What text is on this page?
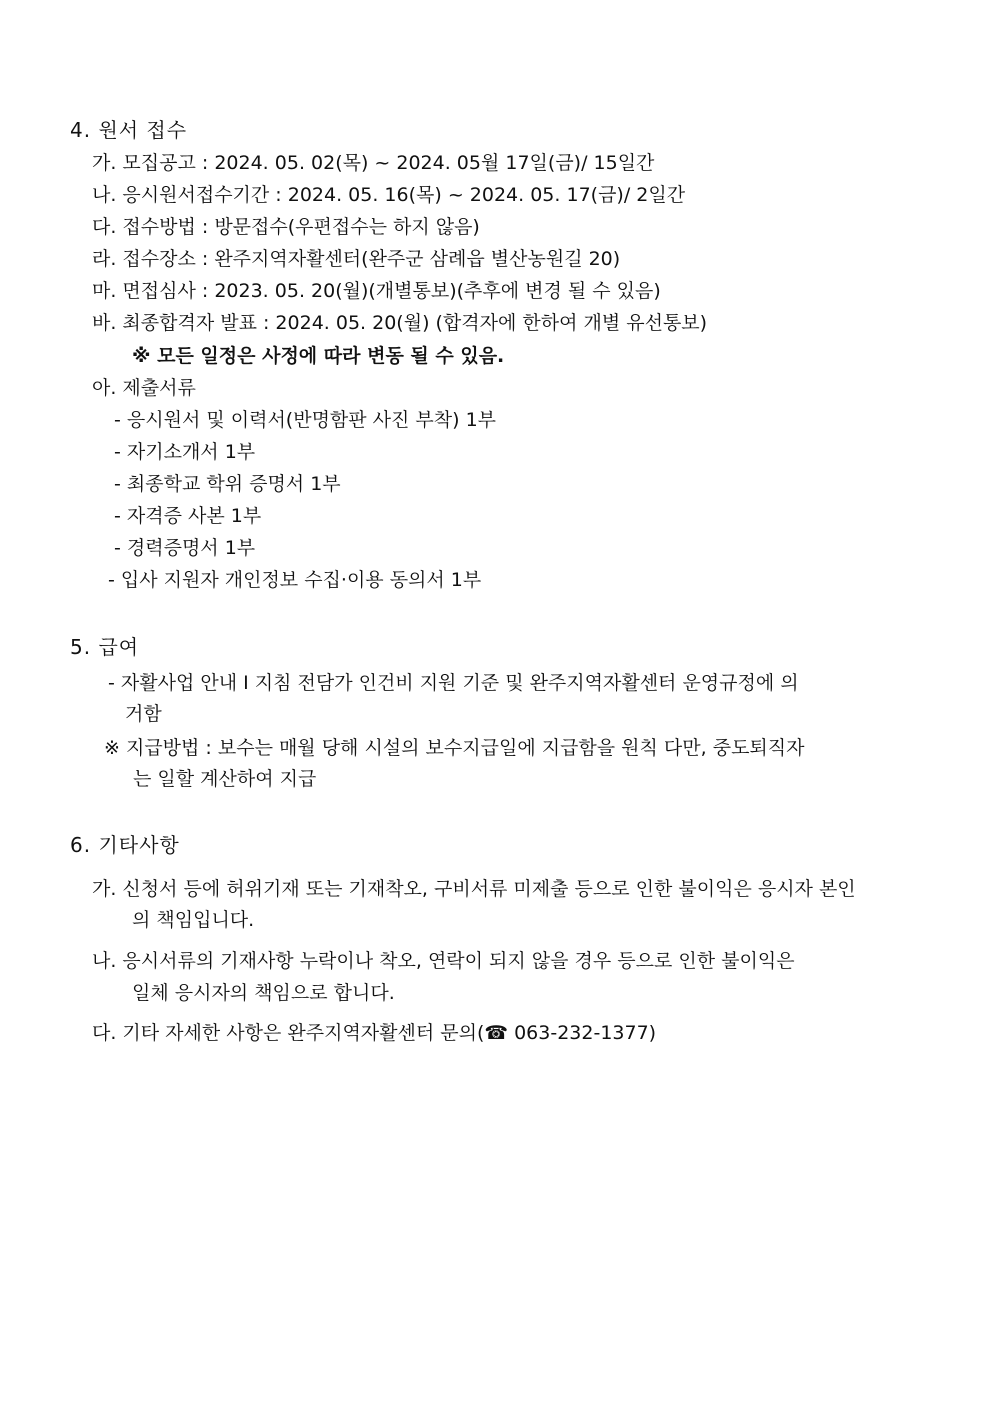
4. 원서 접수
가. 모집공고 : 2024. 05. 02(목) ~ 2024. 05월 17일(금)/ 15일간
나. 응시원서접수기간 : 2024. 05. 16(목) ~ 2024. 05. 17(금)/ 2일간
다. 접수방법 : 방문접수(우편접수는 하지 않음)
라. 접수장소 : 완주지역자활센터(완주군 삼례읍 별산농원길 20)
마. 면접심사 : 2023. 05. 20(월)(개별통보)(추후에 변경 될 수 있음)
바. 최종합격자 발표 : 2024. 05. 20(월) (합격자에 한하여 개별 유선통보)
※ 모든 일정은 사정에 따라 변동 될 수 있음.
아. 제출서류
- 응시원서 및 이력서(반명함판 사진 부착) 1부
- 자기소개서 1부
- 최종학교 학위 증명서 1부
- 자격증 사본 1부
- 경력증명서 1부
- 입사 지원자 개인정보 수집·이용 동의서 1부
5. 급여
- 자활사업 안내 Ⅰ 지침 전담가 인건비 지원 기준 및 완주지역자활센터 운영규정에 의
거함
※ 지급방법 : 보수는 매월 당해 시설의 보수지급일에 지급함을 원칙 다만, 중도퇴직자
는 일할 계산하여 지급
6. 기타사항
가. 신청서 등에 허위기재 또는 기재착오, 구비서류 미제출 등으로 인한 불이익은 응시자 본인
의 책임입니다.
나. 응시서류의 기재사항 누락이나 착오, 연락이 되지 않을 경우 등으로 인한 불이익은
일체 응시자의 책임으로 합니다.
다. 기타 자세한 사항은 완주지역자활센터 문의(☎ 063-232-1377)
